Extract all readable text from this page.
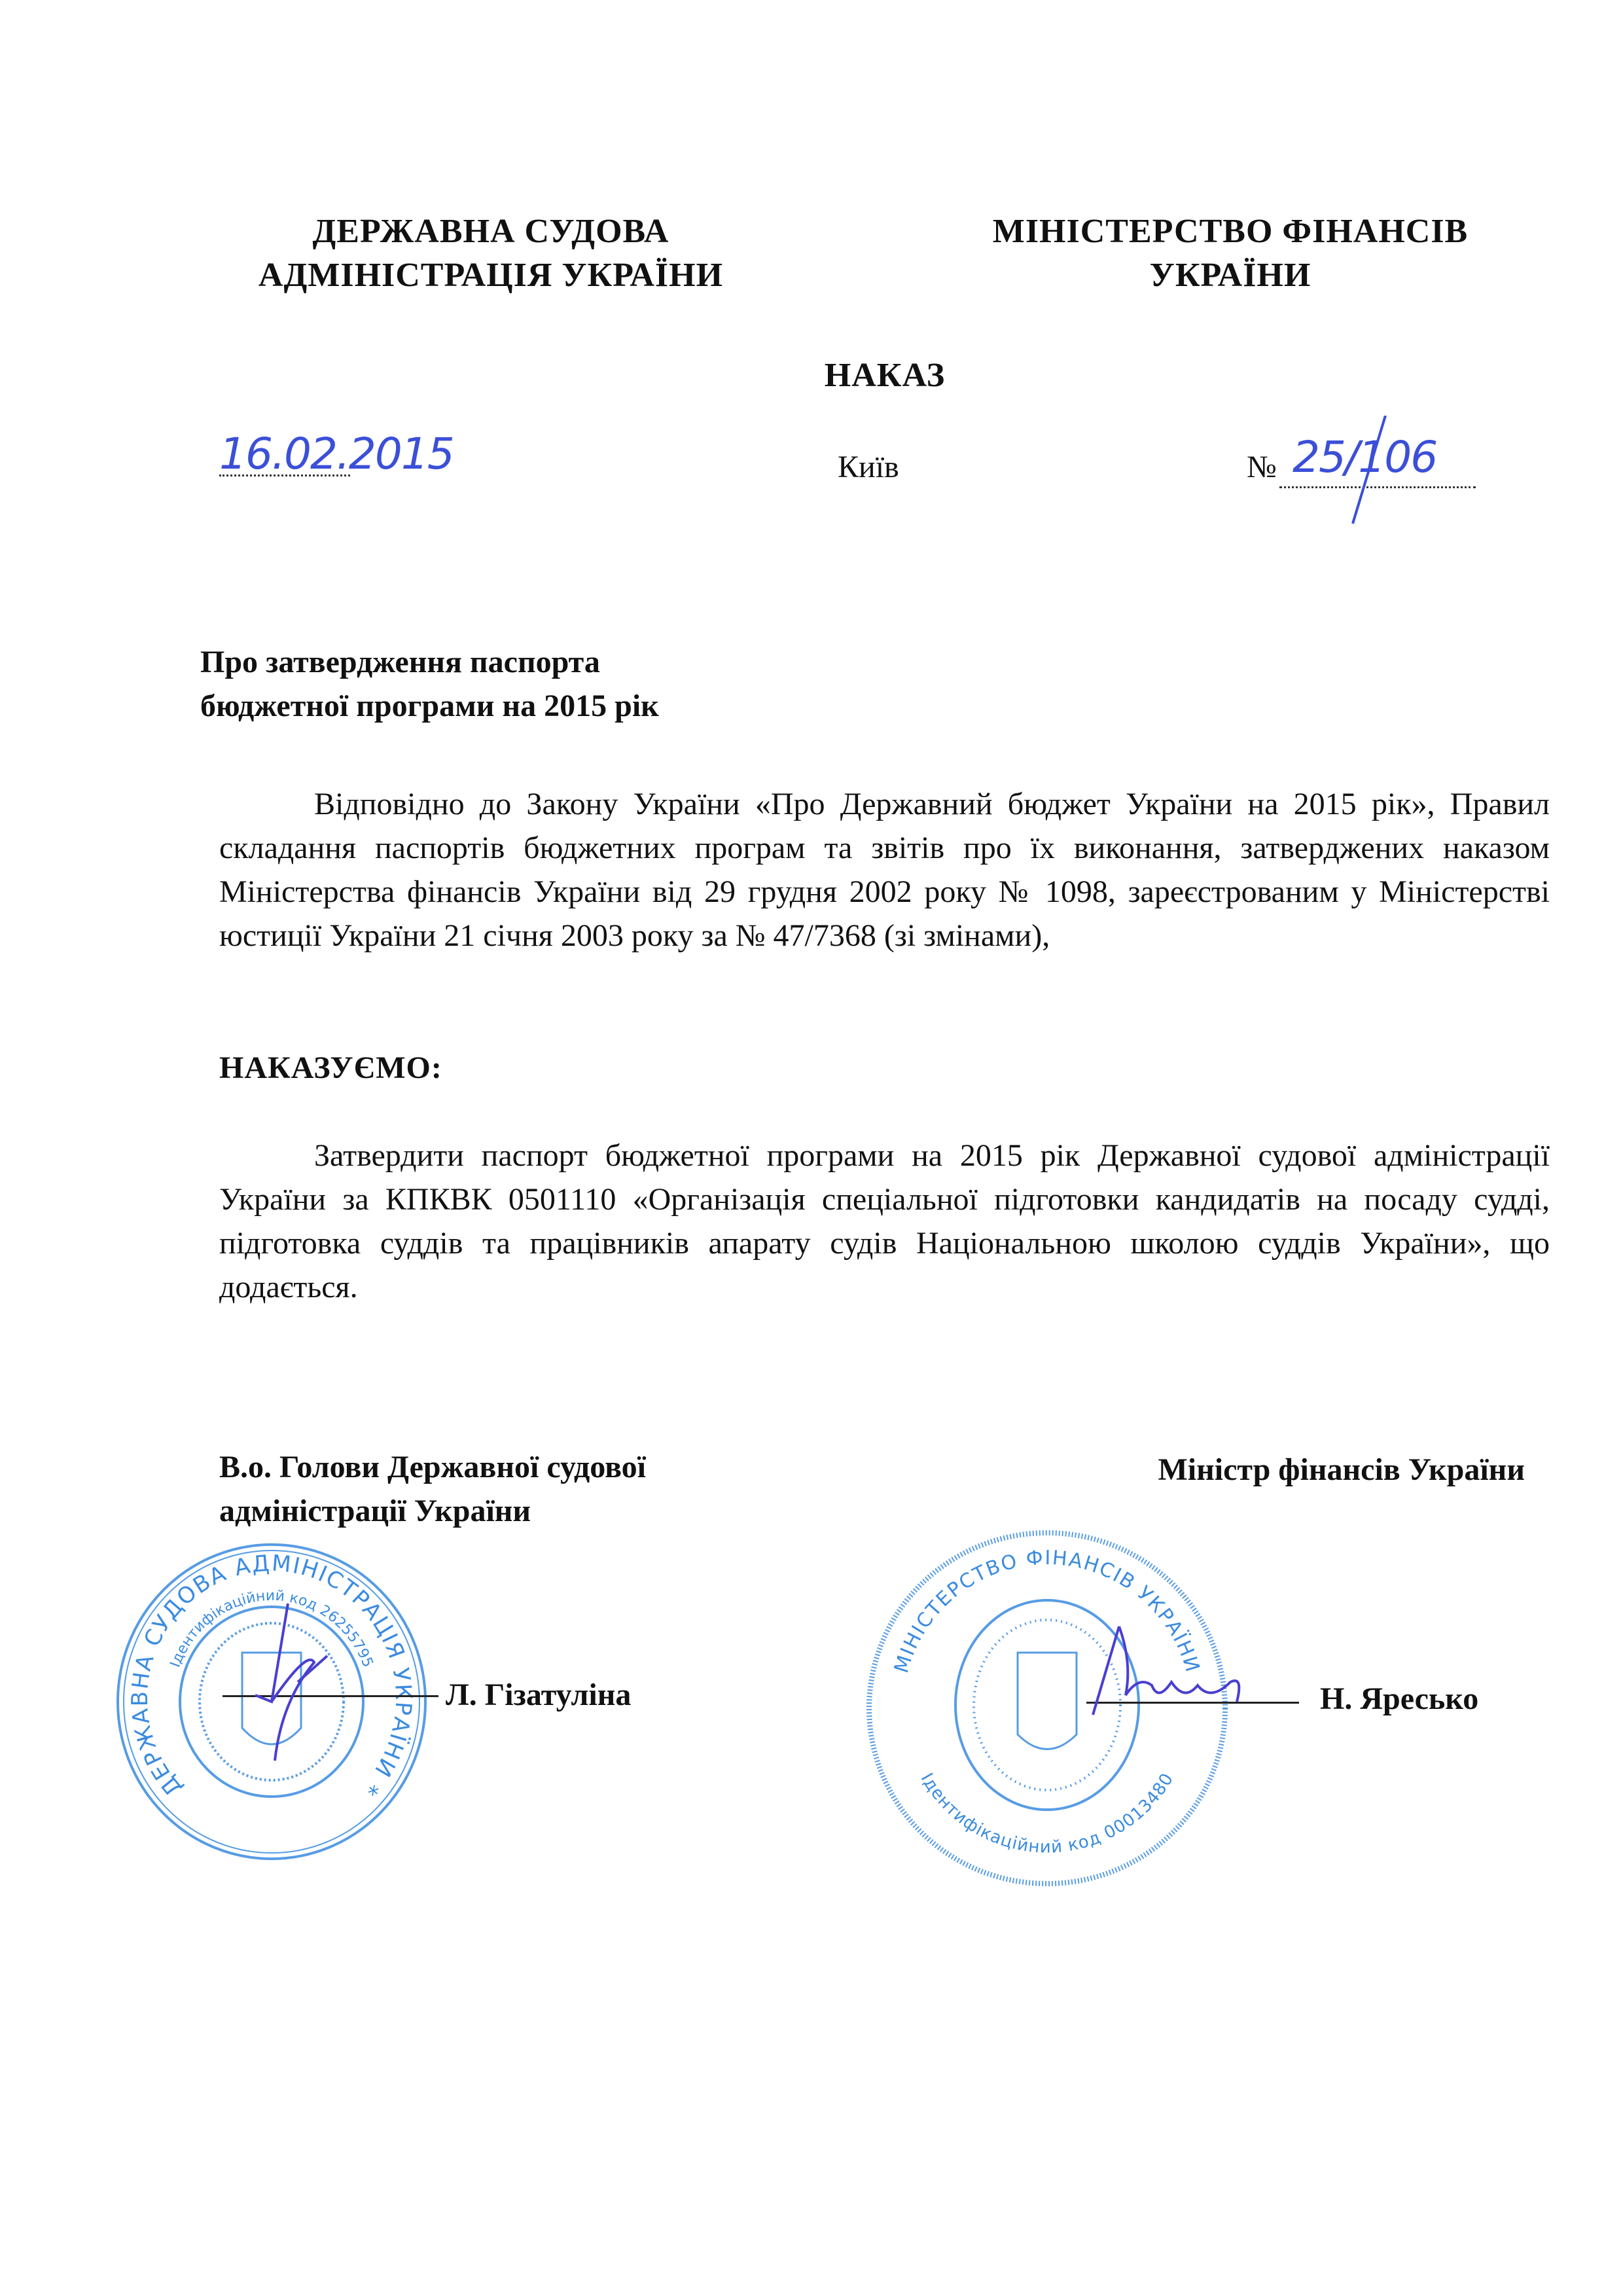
ДЕРЖАВНА СУДОВА
АДМІНІСТРАЦІЯ УКРАЇНИ
МІНІСТЕРСТВО ФІНАНСІВ
УКРАЇНИ
НАКАЗ
16.02.2015	Київ	№ 25/106
Про затвердження паспорта
бюджетної програми на 2015 рік
Відповідно до Закону України «Про Державний бюджет України на 2015 рік», Правил складання паспортів бюджетних програм та звітів про їх виконання, затверджених наказом Міністерства фінансів України від 29 грудня 2002 року № 1098, зареєстрованим у Міністерстві юстиції України 21 січня 2003 року за № 47/7368 (зі змінами),
НАКАЗУЄМО:
Затвердити паспорт бюджетної програми на 2015 рік Державної судової адміністрації України за КПКВК 0501110 «Організація спеціальної підготовки кандидатів на посаду судді, підготовка суддів та працівників апарату судів Національною школою суддів України», що додається.
В.о. Голови Державної судової
адміністрації України
Міністр фінансів України
ДЕРЖАВНА СУДОВА АДМІНІСТРАЦІЯ УКРАЇНИ *
Ідентифікаційний код 26255795
Л. Гізатуліна
МІНІСТЕРСТВО ФІНАНСІВ УКРАЇНИ
Ідентифікаційний код 00013480
Н. Яресько
